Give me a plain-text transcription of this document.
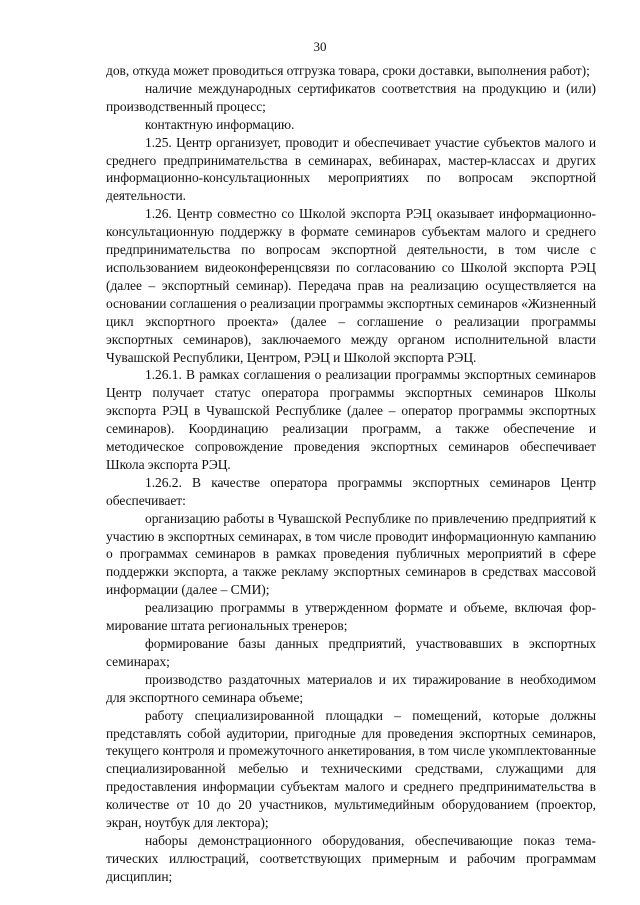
30

дов, откуда может проводиться отгрузка товара, сроки доставки, выполнения работ);

наличие международных сертификатов соответствия на продукцию и (или) производственный процесс;

контактную информацию.

1.25. Центр организует, проводит и обеспечивает участие субъектов малого и среднего предпринимательства в семинарах, вебинарах, мастер-классах и других информационно-консультационных мероприятиях по вопросам экспортной деятельности.

1.26. Центр совместно со Школой экспорта РЭЦ оказывает информационно-консультационную поддержку в формате семинаров субъектам малого и среднего предпринимательства по вопросам экспортной деятельности, в том числе с использованием видеоконференцсвязи по согласованию со Школой экспорта РЭЦ (далее – экспортный семинар). Передача прав на реализацию осуществляется на основании соглашения о реализации программы экспортных семинаров «Жизненный цикл экспортного проекта» (далее – соглашение о реализации программы экспортных семинаров), заключаемого между органом исполнительной власти Чувашской Республики, Центром, РЭЦ и Школой экспорта РЭЦ.

1.26.1. В рамках соглашения о реализации программы экспортных семинаров Центр получает статус оператора программы экспортных семинаров Школы экспорта РЭЦ в Чувашской Республике (далее – оператор программы экспортных семинаров). Координацию реализации программ, а также обеспечение и методическое сопровождение проведения экспортных семинаров обеспечивает Школа экспорта РЭЦ.

1.26.2. В качестве оператора программы экспортных семинаров Центр обеспечивает:

организацию работы в Чувашской Республике по привлечению предприятий к участию в экспортных семинарах, в том числе проводит информационную кампанию о программах семинаров в рамках проведения публичных мероприятий в сфере поддержки экспорта, а также рекламу экспортных семинаров в средствах массовой информации (далее – СМИ);

реализацию программы в утвержденном формате и объеме, включая формирование штата региональных тренеров;

формирование базы данных предприятий, участвовавших в экспортных семинарах;

производство раздаточных материалов и их тиражирование в необходимом для экспортного семинара объеме;

работу специализированной площадки – помещений, которые должны представлять собой аудитории, пригодные для проведения экспортных семинаров, текущего контроля и промежуточного анкетирования, в том числе укомплектованные специализированной мебелью и техническими средствами, служащими для предоставления информации субъектам малого и среднего предпринимательства в количестве от 10 до 20 участников, мультимедийным оборудованием (проектор, экран, ноутбук для лектора);

наборы демонстрационного оборудования, обеспечивающие показ тематических иллюстраций, соответствующих примерным и рабочим программам дисциплин;
